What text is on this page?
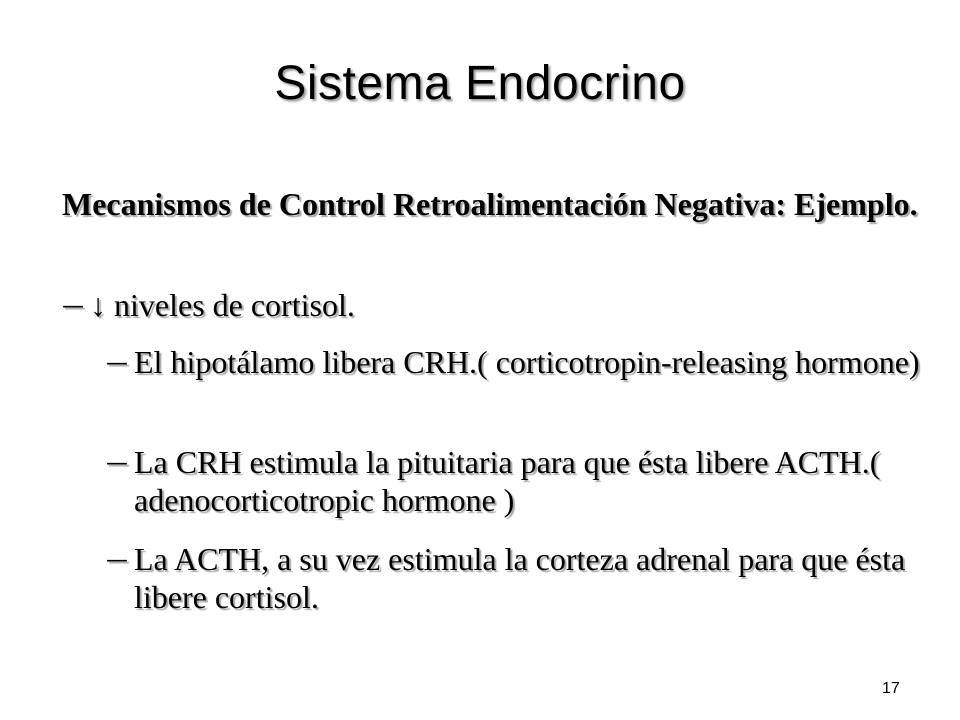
Sistema Endocrino
Mecanismos de Control Retroalimentación Negativa: Ejemplo.
— ↓ niveles de cortisol.
— El hipotálamo libera CRH.( corticotropin-releasing hormone)
— La CRH estimula la pituitaria para que ésta libere ACTH.( adenocorticotropic hormone )
— La ACTH, a su vez estimula la corteza adrenal para que ésta libere cortisol.
17
